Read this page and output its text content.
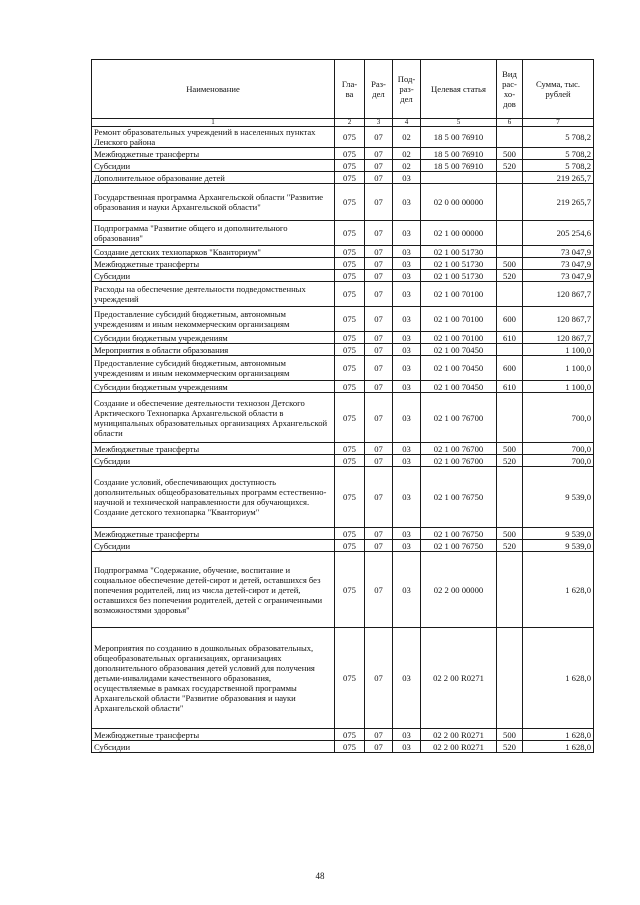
Наименование	Гла- ва	Раз- дел	Под- раз- дел	Целевая статья	Вид рас- хо- дов	Сумма, тыс. рублей
1	2	3	4	5	6	7
Ремонт образовательных учреждений в населенных пунктах Ленского района	075	07	02	18 5 00 76910		5 708,2
Межбюджетные трансферты	075	07	02	18 5 00 76910	500	5 708,2
Субсидии	075	07	02	18 5 00 76910	520	5 708,2
Дополнительное образование детей	075	07	03			219 265,7
Государственная программа Архангельской области "Развитие образования и науки Архангельской области"	075	07	03	02 0 00 00000		219 265,7
Подпрограмма "Развитие общего и дополнительного образования"	075	07	03	02 1 00 00000		205 254,6
Создание детских технопарков "Кванториум"	075	07	03	02 1 00 51730		73 047,9
Межбюджетные трансферты	075	07	03	02 1 00 51730	500	73 047,9
Субсидии	075	07	03	02 1 00 51730	520	73 047,9
Расходы на обеспечение деятельности подведомственных учреждений	075	07	03	02 1 00 70100		120 867,7
Предоставление субсидий бюджетным, автономным учреждениям и иным некоммерческим организациям	075	07	03	02 1 00 70100	600	120 867,7
Субсидии бюджетным учреждениям	075	07	03	02 1 00 70100	610	120 867,7
Мероприятия в области образования	075	07	03	02 1 00 70450		1 100,0
Предоставление субсидий бюджетным, автономным учреждениям и иным некоммерческим организациям	075	07	03	02 1 00 70450	600	1 100,0
Субсидии бюджетным учреждениям	075	07	03	02 1 00 70450	610	1 100,0
Создание и обеспечение деятельности технозон Детского Арктического Технопарка Архангельской области в муниципальных образовательных организациях Архангельской области	075	07	03	02 1 00 76700		700,0
Межбюджетные трансферты	075	07	03	02 1 00 76700	500	700,0
Субсидии	075	07	03	02 1 00 76700	520	700,0
Создание условий, обеспечивающих доступность дополнительных общеобразовательных программ естественно-научной и технической направленности для обучающихся. Создание детского технопарка "Кванториум"	075	07	03	02 1 00 76750		9 539,0
Межбюджетные трансферты	075	07	03	02 1 00 76750	500	9 539,0
Субсидии	075	07	03	02 1 00 76750	520	9 539,0
Подпрограмма "Содержание, обучение, воспитание и социальное обеспечение детей-сирот и детей, оставшихся без попечения родителей, лиц из числа детей-сирот и детей, оставшихся без попечения родителей, детей с ограниченными возможностями здоровья"	075	07	03	02 2 00 00000		1 628,0
Мероприятия по созданию в дошкольных образовательных, общеобразовательных организациях, организациях дополнительного образования детей условий для получения детьми-инвалидами качественного образования, осуществляемые в рамках государственной программы Архангельской области "Развитие образования и науки Архангельской области"	075	07	03	02 2 00 R0271		1 628,0
Межбюджетные трансферты	075	07	03	02 2 00 R0271	500	1 628,0
Субсидии	075	07	03	02 2 00 R0271	520	1 628,0
48
